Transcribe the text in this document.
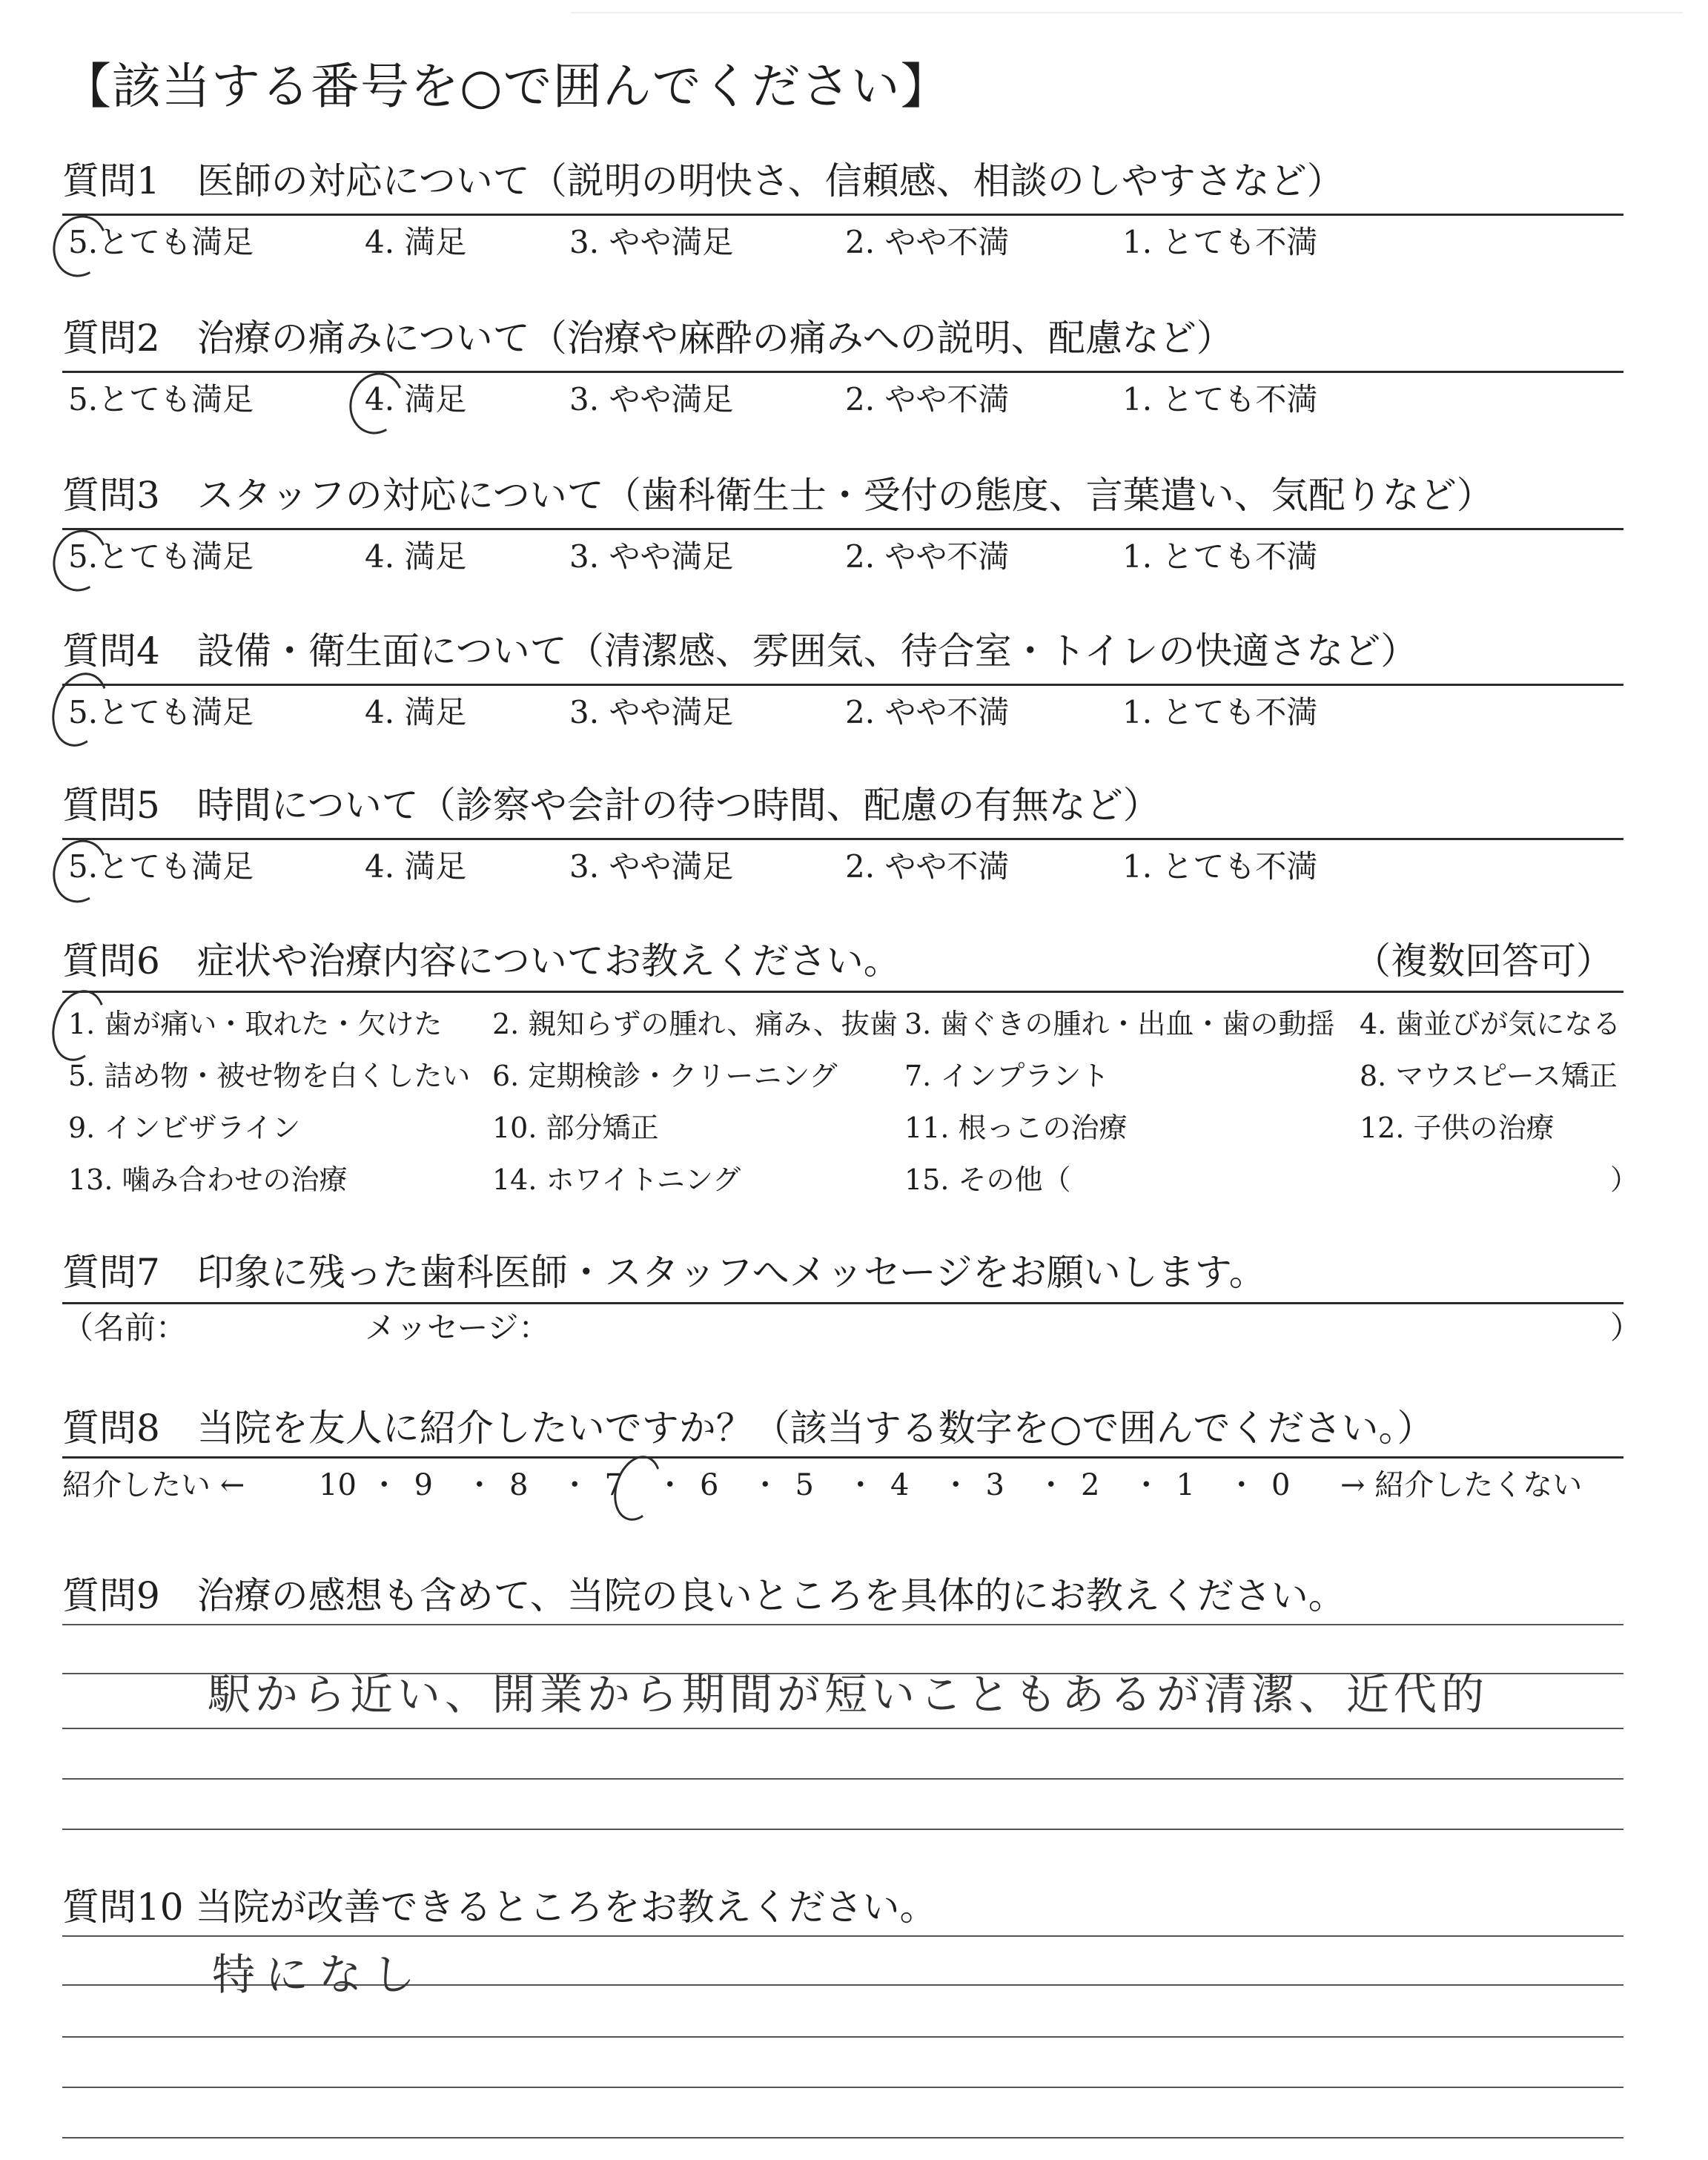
【該当する番号を○で囲んでください】
質問1　医師の対応について（説明の明快さ、信頼感、相談のしやすさなど）
5.とても満足	4. 満足	3. やや満足	2. やや不満	1. とても不満
質問2　治療の痛みについて（治療や麻酔の痛みへの説明、配慮など）
5.とても満足	4. 満足	3. やや満足	2. やや不満	1. とても不満
質問3　スタッフの対応について（歯科衛生士・受付の態度、言葉遣い、気配りなど）
5.とても満足	4. 満足	3. やや満足	2. やや不満	1. とても不満
質問4　設備・衛生面について（清潔感、雰囲気、待合室・トイレの快適さなど）
5.とても満足	4. 満足	3. やや満足	2. やや不満	1. とても不満
質問5　時間について（診察や会計の待つ時間、配慮の有無など）
5.とても満足	4. 満足	3. やや満足	2. やや不満	1. とても不満
質問6　症状や治療内容についてお教えください。	（複数回答可）
1. 歯が痛い・取れた・欠けた 2. 親知らずの腫れ、痛み、抜歯 3. 歯ぐきの腫れ・出血・歯の動揺 4. 歯並びが気になる
5. 詰め物・被せ物を白くしたい 6. 定期検診・クリーニング 7. インプラント	8. マウスピース矯正
9. インビザライン	10. 部分矯正	11. 根っこの治療	12. 子供の治療
13. 噛み合わせの治療	14. ホワイトニング	15. その他（	）
質問7　印象に残った歯科医師・スタッフへメッセージをお願いします。
（名前：	メッセージ：	）
質問8　当院を友人に紹介したいですか？（該当する数字を○で囲んでください。）
紹介したい ←	→ 紹介したくない
10 ・ 9 ・ 8 ・ 7 ・ 6 ・ 5 ・ 4 ・ 3 ・ 2 ・ 1 ・ 0
質問9　治療の感想も含めて、当院の良いところを具体的にお教えください。
駅から近い、開業から期間が短いこともあるが清潔、近代的
質問10 当院が改善できるところをお教えください。
特になし
